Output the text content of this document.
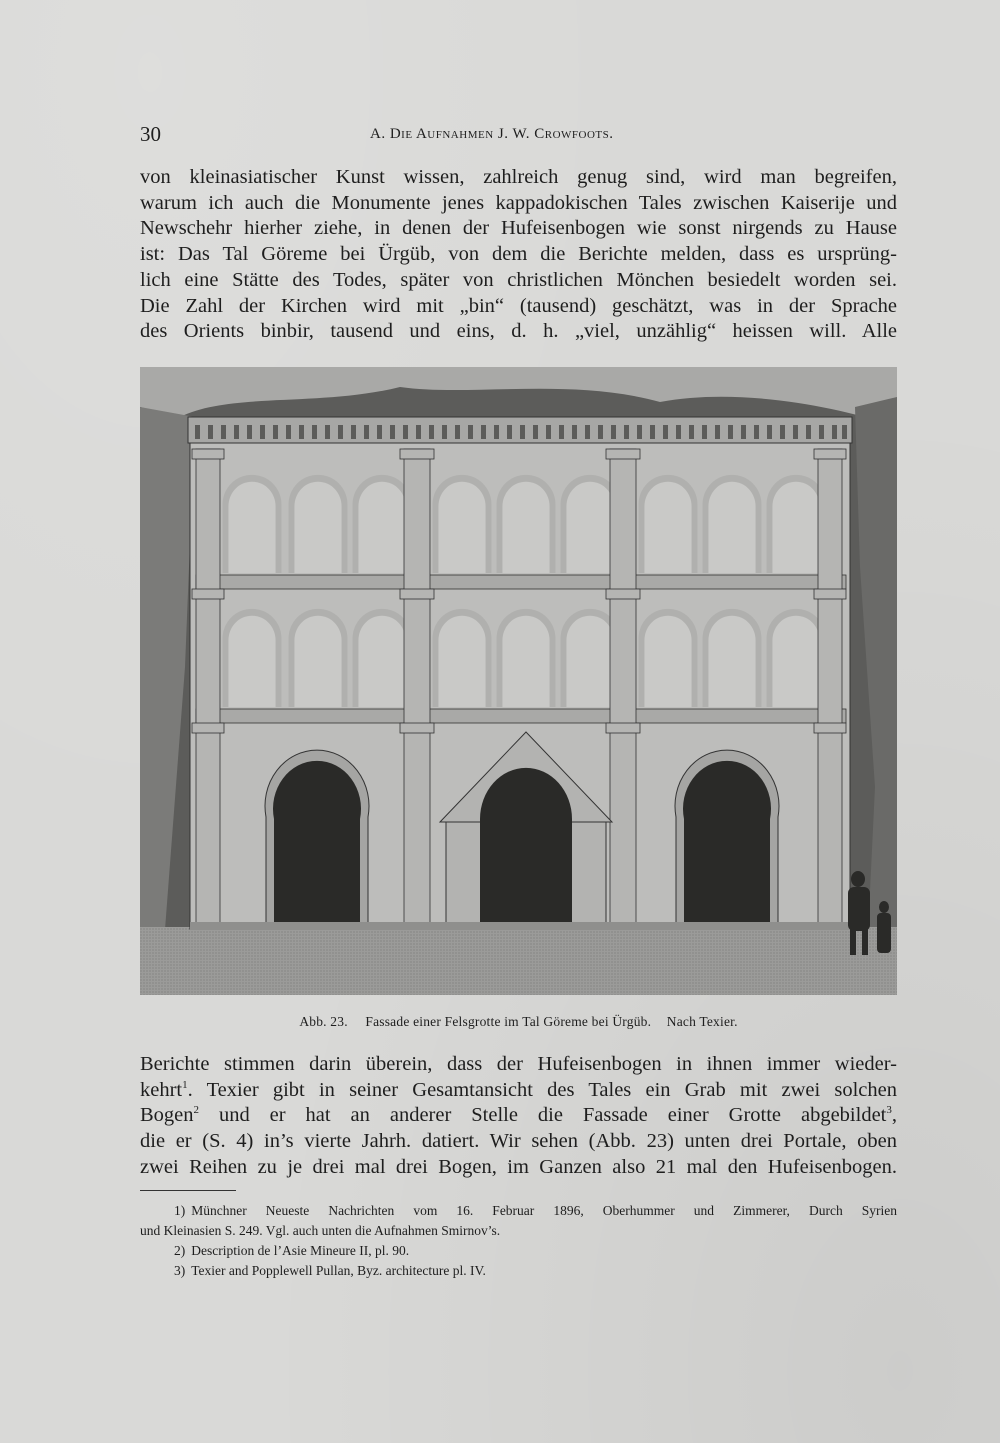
30	A. Die Aufnahmen J. W. Crowfoots.

von kleinasiatischer Kunst wissen, zahlreich genug sind, wird man begreifen,
warum ich auch die Monumente jenes kappadokischen Tales zwischen Kaiserije und
Newschehr hierher ziehe, in denen der Hufeisenbogen wie sonst nirgends zu Hause
ist: Das Tal Göreme bei Ürgüb, von dem die Berichte melden, dass es ursprüng-
lich eine Stätte des Todes, später von christlichen Mönchen besiedelt worden sei.
Die Zahl der Kirchen wird mit „bin“ (tausend) geschätzt, was in der Sprache
des Orients binbir, tausend und eins, d. h. „viel, unzählig“ heissen will. Alle

Abb. 23. Fassade einer Felsgrotte im Tal Göreme bei Ürgüb. Nach Texier.

Berichte stimmen darin überein, dass der Hufeisenbogen in ihnen immer wieder-
kehrt$^1$. Texier gibt in seiner Gesamtansicht des Tales ein Grab mit zwei solchen
Bogen$^2$ und er hat an anderer Stelle die Fassade einer Grotte abgebildet$^3$,
die er (S. 4) in’s vierte Jahrh. datiert. Wir sehen (Abb. 23) unten drei Portale, oben
zwei Reihen zu je drei mal drei Bogen, im Ganzen also 21 mal den Hufeisenbogen.

1) Münchner Neueste Nachrichten vom 16. Februar 1896, Oberhummer und Zimmerer, Durch Syrien
und Kleinasien S. 249. Vgl. auch unten die Aufnahmen Smirnov’s.
2) Description de l’Asie Mineure II, pl. 90.
3) Texier and Popplewell Pullan, Byz. architecture pl. IV.
